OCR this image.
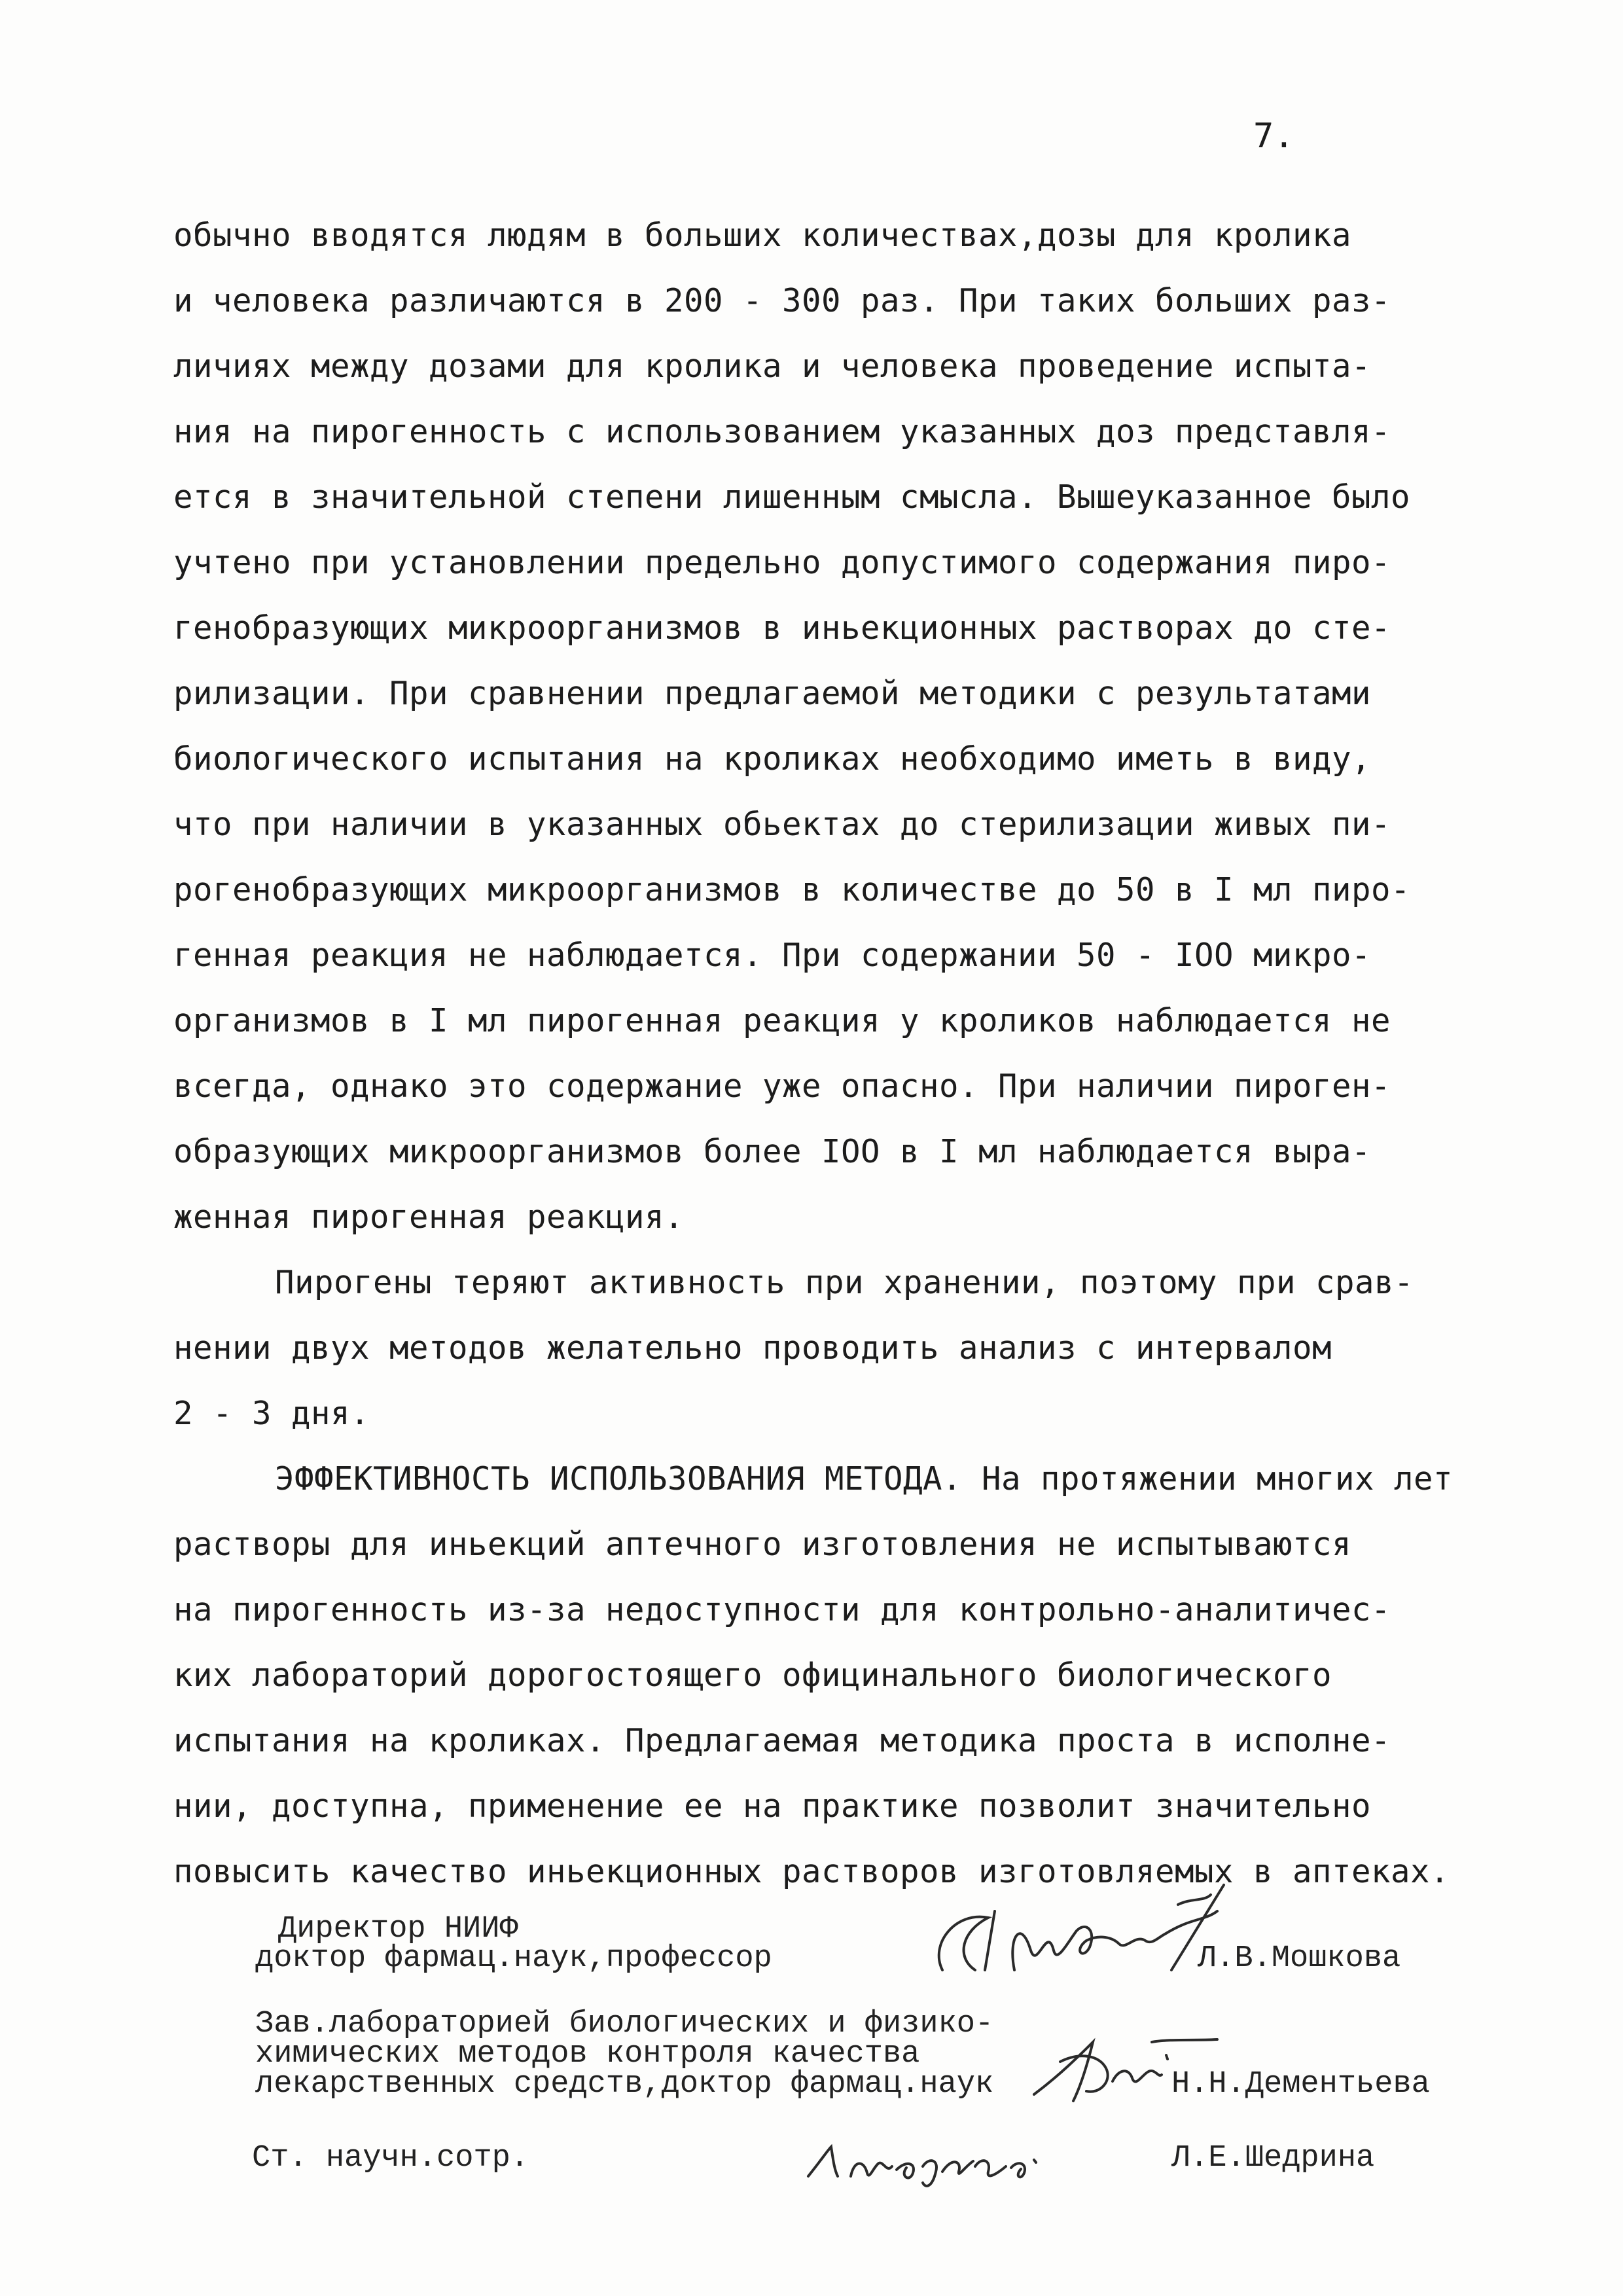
7.
обычно вводятся людям в больших количествах,дозы для кролика
и человека различаются в 200 - 300 раз. При таких больших раз-
личиях между дозами для кролика и человека проведение испыта-
ния на пирогенность с использованием указанных доз представля-
ется в значительной степени лишенным смысла. Вышеуказанное было
учтено при установлении предельно допустимого содержания пиро-
генобразующих микроорганизмов в иньекционных растворах до сте-
рилизации. При сравнении предлагаемой методики с результатами
биологического испытания на кроликах необходимо иметь в виду,
что при наличии в указанных обьектах до стерилизации живых пи-
рогенобразующих микроорганизмов в количестве до 50 в I мл пиро-
генная реакция не наблюдается. При содержании 50 - IOO микро-
организмов в I мл пирогенная реакция у кроликов наблюдается не
всегда, однако это содержание уже опасно. При наличии пироген-
образующих микроорганизмов более IOO в I мл наблюдается выра-
женная пирогенная реакция.
Пирогены теряют активность при хранении, поэтому при срав-
нении двух методов желательно проводить анализ с интервалом
2 - 3 дня.
ЭФФЕКТИВНОСТЬ ИСПОЛЬЗОВАНИЯ МЕТОДА. На протяжении многих лет
растворы для иньекций аптечного изготовления не испытываются
на пирогенность из-за недоступности для контрольно-аналитичес-
ких лабораторий дорогостоящего официнального биологического
испытания на кроликах. Предлагаемая методика проста в исполне-
нии, доступна, применение ее на практике позволит значительно
повысить качество иньекционных растворов изготовляемых в аптеках.
Директор НИИФ
доктор фармац.наук,профессор	Л.В.Мошкова
Зав.лабораторией биологических и физико-
химических методов контроля качества
лекарственных средств,доктор фармац.наук	Н.Н.Дементьева
Ст. научн.сотр.	Л.Е.Шедрина
